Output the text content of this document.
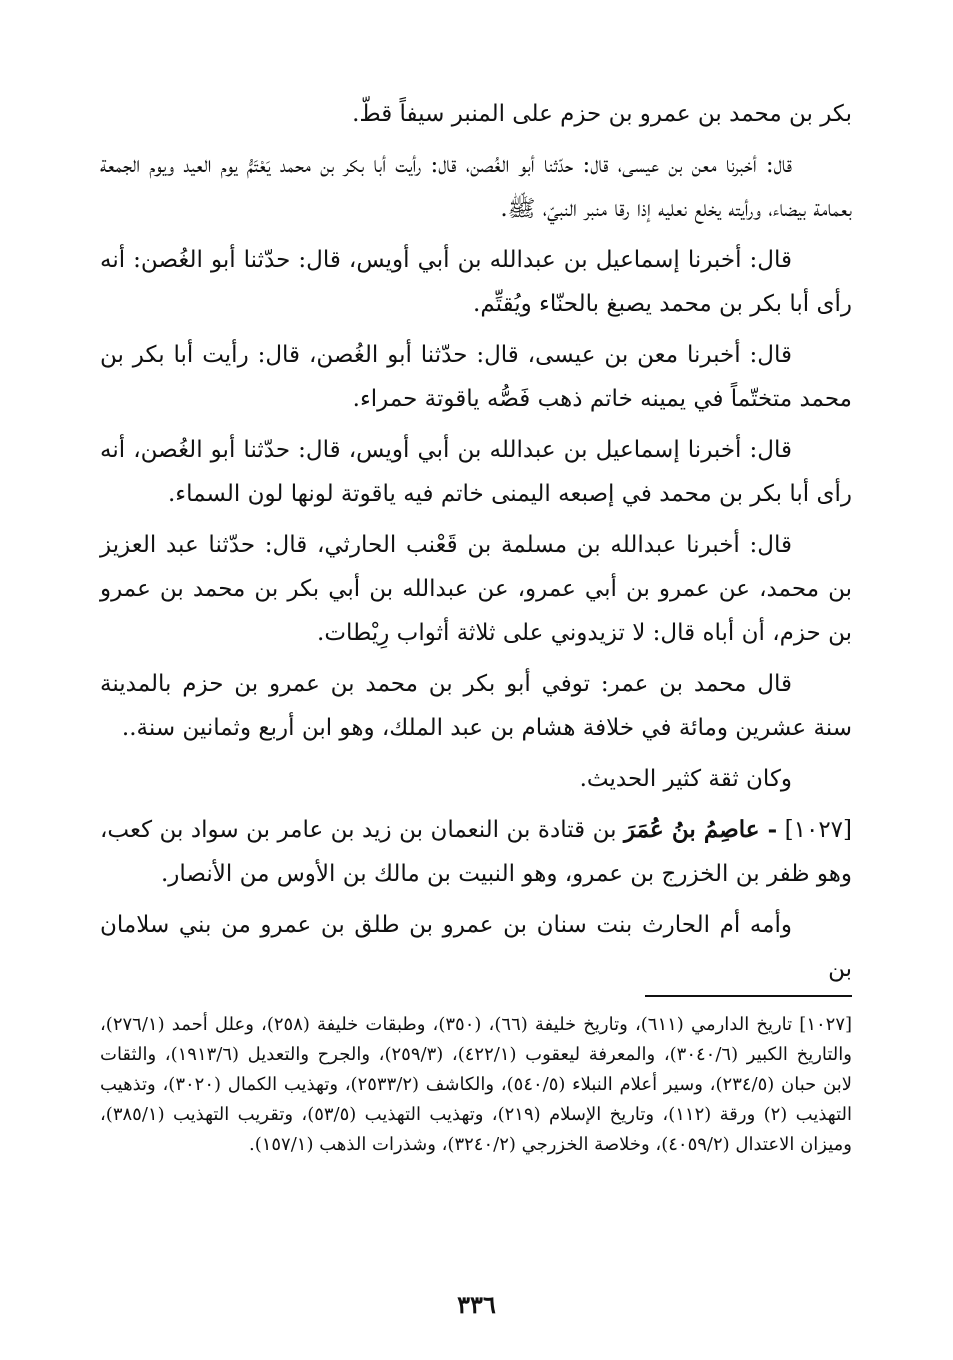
بكر بن محمد بن عمرو بن حزم على المنبر سيفاً قطّ.

قال: أخبرنا معن بن عيسى، قال: حدّثنا أبو الغُصن، قال: رأيت أبا بكر بن محمد يَعْتَمُّ يوم العيد ويوم الجمعة بعمامة بيضاء، ورأيته يخلع نعليه إذا رقا منبر النبيّ، ﷺ.

قال: أخبرنا إسماعيل بن عبدالله بن أبي أويس، قال: حدّثنا أبو الغُصن: أنه رأى أبا بكر بن محمد يصبغ بالحنّاء ويُقتِّم.

قال: أخبرنا معن بن عيسى، قال: حدّثنا أبو الغُصن، قال: رأيت أبا بكر بن محمد متختّماً في يمينه خاتم ذهب فَصُّه ياقوتة حمراء.

قال: أخبرنا إسماعيل بن عبدالله بن أبي أويس، قال: حدّثنا أبو الغُصن، أنه رأى أبا بكر بن محمد في إصبعه اليمنى خاتم فيه ياقوتة لونها لون السماء.

قال: أخبرنا عبدالله بن مسلمة بن قَعْنب الحارثي، قال: حدّثنا عبد العزيز بن محمد، عن عمرو بن أبي عمرو، عن عبدالله بن أبي بكر بن محمد بن عمرو بن حزم، أن أباه قال: لا تزيدوني على ثلاثة أثواب رِيْطات.

قال محمد بن عمر: توفي أبو بكر بن محمد بن عمرو بن حزم بالمدينة سنة عشرين ومائة في خلافة هشام بن عبد الملك، وهو ابن أربع وثمانين سنة..

وكان ثقة كثير الحديث.

[١٠٢٧] - عاصِمُ بنُ عُمَرَ بن قتادة بن النعمان بن زيد بن عامر بن سواد بن كعب، وهو ظفر بن الخزرج بن عمرو، وهو النبيت بن مالك بن الأوس من الأنصار.

وأمه أم الحارث بنت سنان بن عمرو بن طلق بن عمرو من بني سلامان بن

[١٠٢٧] تاريخ الدارمي (٦١١)، وتاريخ خليفة (٦٦)، (٣٥٠)، وطبقات خليفة (٢٥٨)، وعلل أحمد (٢٧٦/١)، والتاريخ الكبير (٣٠٤٠/٦)، والمعرفة ليعقوب (٤٢٢/١)، (٢٥٩/٣)، والجرح والتعديل (١٩١٣/٦)، والثقات لابن حبان (٢٣٤/٥)، وسير أعلام النبلاء (٥٤٠/٥)، والكاشف (٢٥٣٣/٢)، وتهذيب الكمال (٣٠٢٠)، وتذهيب التهذيب (٢) ورقة (١١٢)، وتاريخ الإسلام (٢١٩)، وتهذيب التهذيب (٥٣/٥)، وتقريب التهذيب (٣٨٥/١)، وميزان الاعتدال (٤٠٥٩/٢)، وخلاصة الخزرجي (٣٢٤٠/٢)، وشذرات الذهب (١٥٧/١).

٣٣٦
